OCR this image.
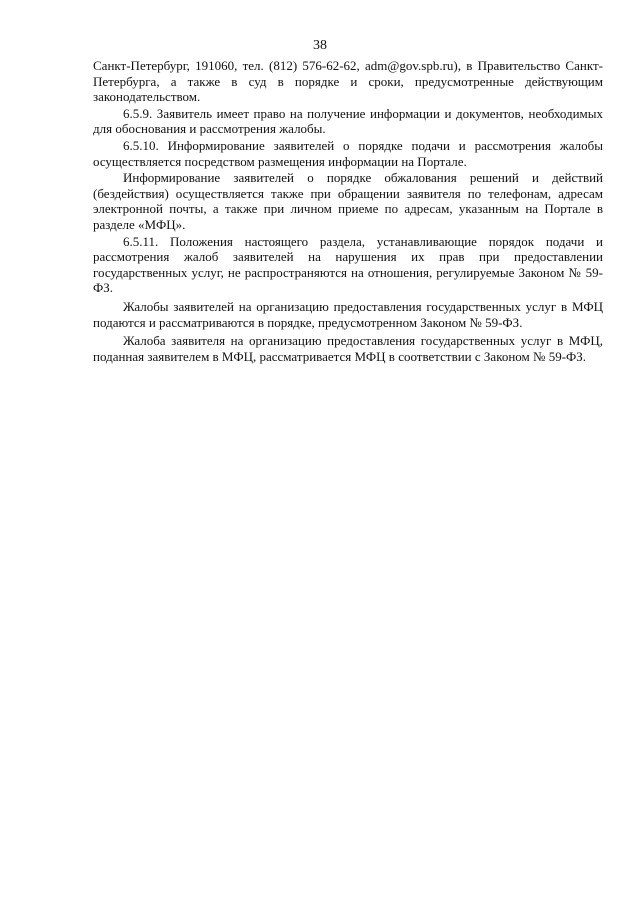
38

Санкт-Петербург, 191060, тел. (812) 576-62-62, adm@gov.spb.ru), в Правительство Санкт-Петербурга, а также в суд в порядке и сроки, предусмотренные действующим законодательством.

6.5.9. Заявитель имеет право на получение информации и документов, необходимых для обоснования и рассмотрения жалобы.

6.5.10. Информирование заявителей о порядке подачи и рассмотрения жалобы осуществляется посредством размещения информации на Портале.

Информирование заявителей о порядке обжалования решений и действий (бездействия) осуществляется также при обращении заявителя по телефонам, адресам электронной почты, а также при личном приеме по адресам, указанным на Портале в разделе «МФЦ».

6.5.11. Положения настоящего раздела, устанавливающие порядок подачи и рассмотрения жалоб заявителей на нарушения их прав при предоставлении государственных услуг, не распространяются на отношения, регулируемые Законом № 59-ФЗ.

Жалобы заявителей на организацию предоставления государственных услуг в МФЦ подаются и рассматриваются в порядке, предусмотренном Законом № 59-ФЗ.

Жалоба заявителя на организацию предоставления государственных услуг в МФЦ, поданная заявителем в МФЦ, рассматривается МФЦ в соответствии с Законом № 59-ФЗ.
